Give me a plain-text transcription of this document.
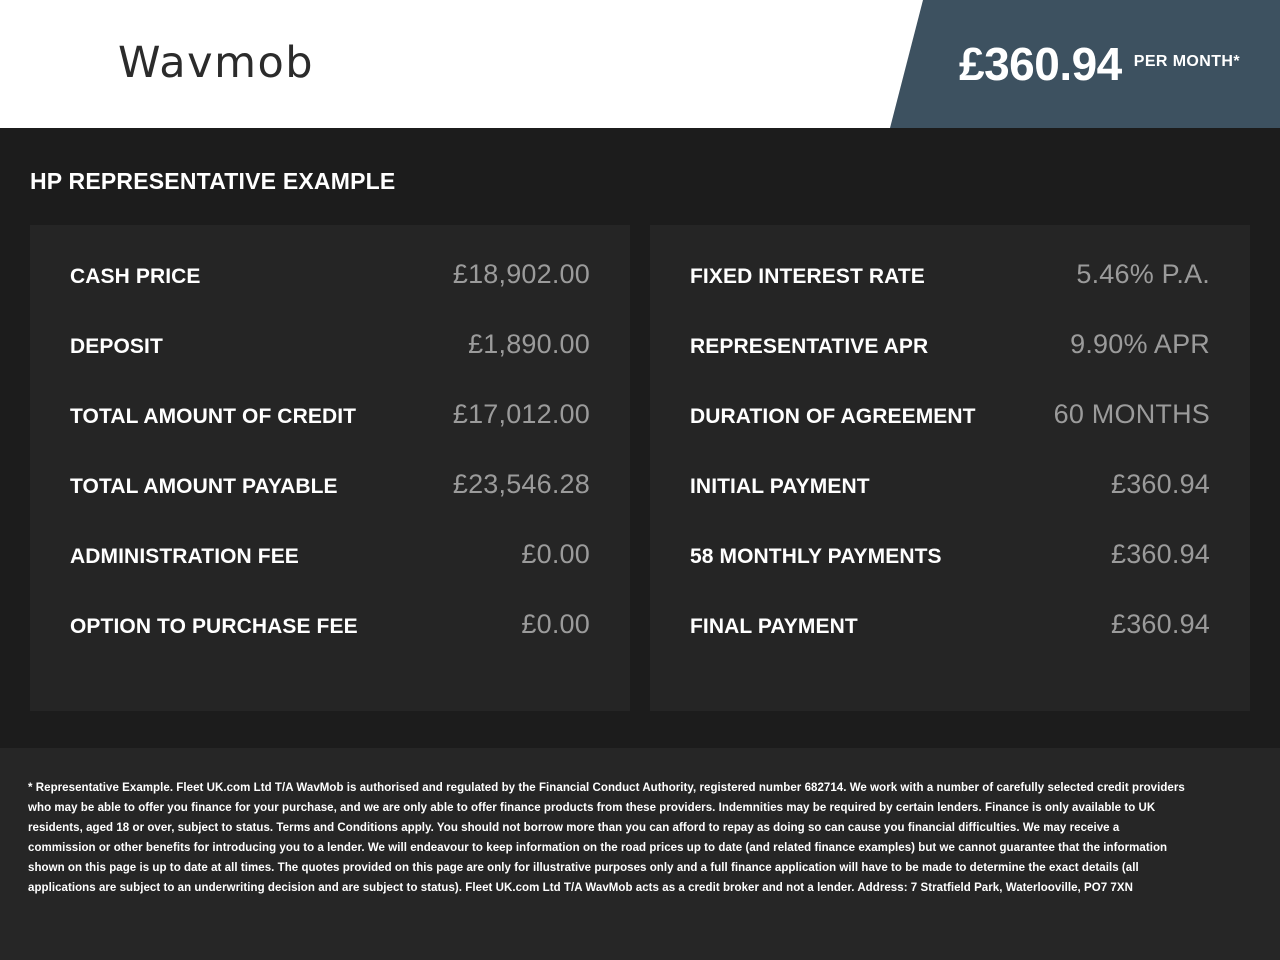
Wavmob	£360.94 PER MONTH*
HP REPRESENTATIVE EXAMPLE
CASH PRICE	£18,902.00
DEPOSIT	£1,890.00
TOTAL AMOUNT OF CREDIT	£17,012.00
TOTAL AMOUNT PAYABLE	£23,546.28
ADMINISTRATION FEE	£0.00
OPTION TO PURCHASE FEE	£0.00
FIXED INTEREST RATE	5.46% P.A.
REPRESENTATIVE APR	9.90% APR
DURATION OF AGREEMENT	60 MONTHS
INITIAL PAYMENT	£360.94
58 MONTHLY PAYMENTS	£360.94
FINAL PAYMENT	£360.94

* Representative Example. Fleet UK.com Ltd T/A WavMob is authorised and regulated by the Financial Conduct Authority, registered number 682714. We work with a number of carefully selected credit providers who may be able to offer you finance for your purchase, and we are only able to offer finance products from these providers. Indemnities may be required by certain lenders. Finance is only available to UK residents, aged 18 or over, subject to status. Terms and Conditions apply. You should not borrow more than you can afford to repay as doing so can cause you financial difficulties. We may receive a commission or other benefits for introducing you to a lender. We will endeavour to keep information on the road prices up to date (and related finance examples) but we cannot guarantee that the information shown on this page is up to date at all times. The quotes provided on this page are only for illustrative purposes only and a full finance application will have to be made to determine the exact details (all applications are subject to an underwriting decision and are subject to status). Fleet UK.com Ltd T/A WavMob acts as a credit broker and not a lender. Address: 7 Stratfield Park, Waterlooville, PO7 7XN
